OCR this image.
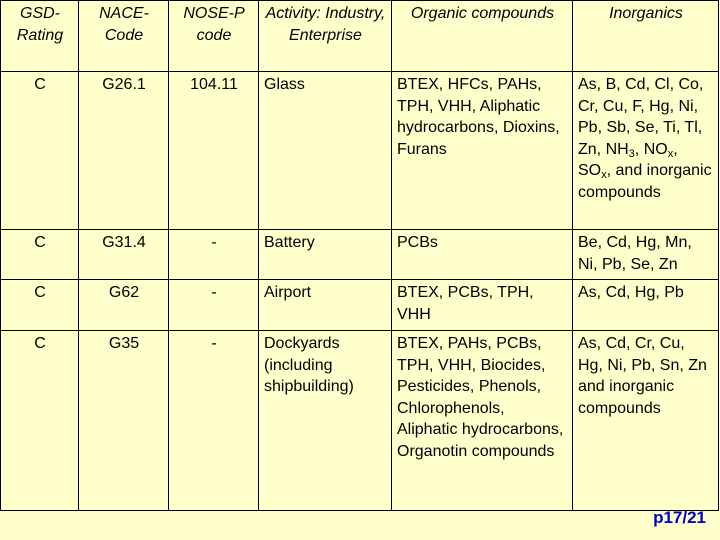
GSD-Rating	NACE-Code	NOSE-P code	Activity: Industry, Enterprise	Organic compounds	Inorganics
C	G26.1	104.11	Glass	BTEX, HFCs, PAHs, TPH, VHH, Aliphatic hydrocarbons, Dioxins, Furans	As, B, Cd, Cl, Co, Cr, Cu, F, Hg, Ni, Pb, Sb, Se, Ti, Tl, Zn, $NH_3$, $NO_x$, $SO_x$, and inorganic compounds
C	G31.4	-	Battery	PCBs	Be, Cd, Hg, Mn, Ni, Pb, Se, Zn
C	G62	-	Airport	BTEX, PCBs, TPH, VHH	As, Cd, Hg, Pb
C	G35	-	Dockyards (including shipbuilding)	BTEX, PAHs, PCBs, TPH, VHH, Biocides, Pesticides, Phenols, Chlorophenols, Aliphatic hydrocarbons, Organotin compounds	As, Cd, Cr, Cu, Hg, Ni, Pb, Sn, Zn and inorganic compounds
p17/21
